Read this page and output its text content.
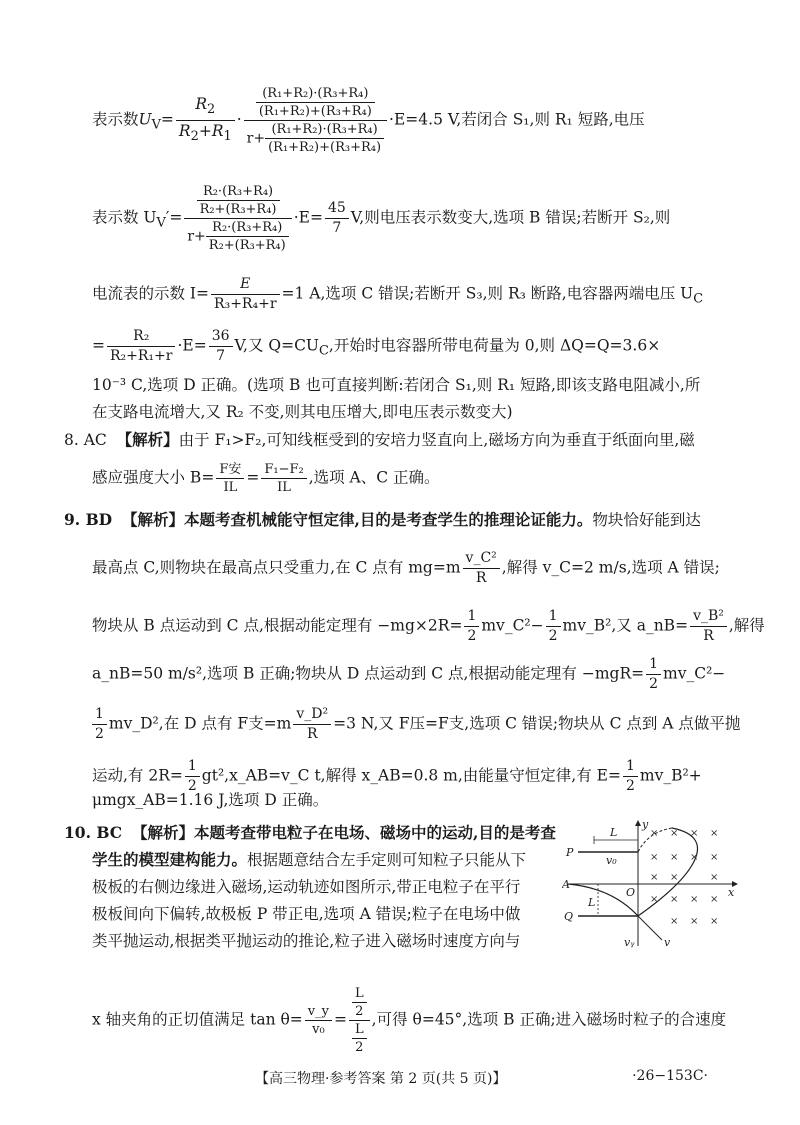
表示数$U_V= \frac{R_2}{R_2+R_1} \cdot \frac{\frac{\text{(R₁+R₂)·(R₃+R₄)}}{\text{(R₁+R₂)+(R₃+R₄)}}}{r+ \frac{\text{(R₁+R₂)·(R₃+R₄)}}{\text{(R₁+R₂)+(R₃+R₄)}}} \cdot E=4.5$ V,若闭合 S₁,则 R₁ 短路,电压
表示数 $U_V'= \frac{\frac{\text{R₂·(R₃+R₄)}}{\text{R₂+(R₃+R₄)}}}{r+ \frac{\text{R₂·(R₃+R₄)}}{\text{R₂+(R₃+R₄)}}} \cdot E= \frac{45}{7} V$,则电压表示数变大,选项 B 错误;若断开 S₂,则
电流表的示数 $I= \frac{E}{\text{R₃+R₄+r}} =1$ A,选项 C 错误;若断开 S₃,则 R₃ 断路,电容器两端电压 $U_C$
= $\frac{\text{R₂}}{\text{R₂+R₁+r}} \cdot E= \frac{36}{7} V$,又 $Q=CU_C$,开始时电容器所带电荷量为 0,则 ΔQ=Q=3.6×
10⁻³ C,选项 D 正确。(选项 B 也可直接判断:若闭合 S₁,则 R₁ 短路,即该支路电阻减小,所
在支路电流增大,又 R₂ 不变,则其电压增大,即电压表示数变大)
8. AC 【解析】由于 F₁>F₂,可知线框受到的安培力竖直向上,磁场方向为垂直于纸面向里,磁
感应强度大小 $B= \frac{\text{F安}}{IL} = \frac{\text{F₁−F₂}}{IL}$ ,选项 A、C 正确。
9. BD 【解析】本题考查机械能守恒定律,目的是考查学生的推理论证能力。物块恰好能到达
最高点 C,则物块在最高点只受重力,在 C 点有 $mg=m \frac{\text{v\_C²}}{R}$ ,解得 v_C=2 m/s,选项 A 错误;
物块从 B 点运动到 C 点,根据动能定理有 $-mg\times 2R= \frac{1}{2}$ mv_C²− $\frac{1}{2}$ mv_B²,又 a_nB= $\frac{\text{v\_B²}}{R}$ ,解得
a_nB=50 m/s²,选项 B 正确;物块从 D 点运动到 C 点,根据动能定理有 $-mgR= \frac{1}{2}$ mv_C²−
$\frac{1}{2}$ mv_D²,在 D 点有 F支$=m \frac{\text{v\_D²}}{R} =3$ N,又 F压=F支,选项 C 错误;物块从 C 点到 A 点做平抛
运动,有 $2R= \frac{1}{2}$ gt²,x_AB=v_C t,解得 x_AB=0.8 m,由能量守恒定律,有 $E= \frac{1}{2}$ mv_B²+
μmgx_AB=1.16 J,选项 D 正确。
10. BC 【解析】本题考查带电粒子在电场、磁场中的运动,目的是考查
学生的模型建构能力。根据题意结合左手定则可知粒子只能从下
极板的右侧边缘进入磁场,运动轨迹如图所示,带正电粒子在平行
极板间向下偏转,故极板 P 带正电,选项 A 错误;粒子在电场中做
类平抛运动,根据类平抛运动的推论,粒子进入磁场时速度方向与
x 轴夹角的正切值满足 $\tan \theta= \frac{v\_y}{\text{v₀}} = \frac{\frac{L}{2}}{\frac{L}{2}}$ ,可得 θ=45°,选项 B 正确;进入磁场时粒子的合速度
× × × ×
× × × ×
× ×	×
× × × ×
× × ×
y
L
P
v₀
A
O	x
L
Q
v
vᵧ
【高三物理·参考答案 第 2 页(共 5 页)】	·26−153C·
